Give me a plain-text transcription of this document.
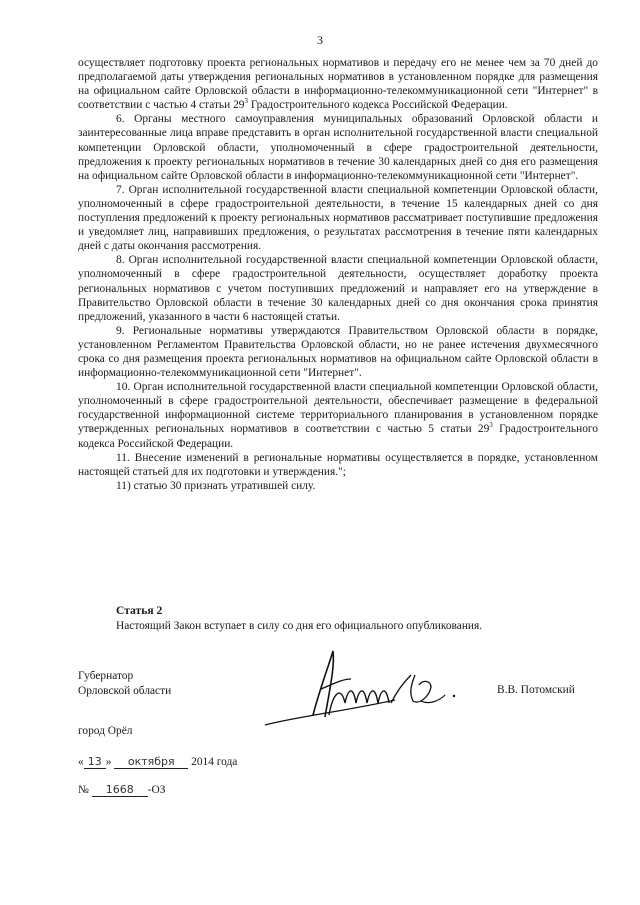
3

осуществляет подготовку проекта региональных нормативов и передачу его не менее чем за 70 дней до предполагаемой даты утверждения региональных нормативов в установленном порядке для размещения на официальном сайте Орловской области в информационно-телекоммуникационной сети "Интернет" в соответствии с частью 4 статьи $29^3$ Градостроительного кодекса Российской Федерации.

6. Органы местного самоуправления муниципальных образований Орловской области и заинтересованные лица вправе представить в орган исполнительной государственной власти специальной компетенции Орловской области, уполномоченный в сфере градостроительной деятельности, предложения к проекту региональных нормативов в течение 30 календарных дней со дня его размещения на официальном сайте Орловской области в информационно-телекоммуникационной сети "Интернет".

7. Орган исполнительной государственной власти специальной компетенции Орловской области, уполномоченный в сфере градостроительной деятельности, в течение 15 календарных дней со дня поступления предложений к проекту региональных нормативов рассматривает поступившие предложения и уведомляет лиц, направивших предложения, о результатах рассмотрения в течение пяти календарных дней с даты окончания рассмотрения.

8. Орган исполнительной государственной власти специальной компетенции Орловской области, уполномоченный в сфере градостроительной деятельности, осуществляет доработку проекта региональных нормативов с учетом поступивших предложений и направляет его на утверждение в Правительство Орловской области в течение 30 календарных дней со дня окончания срока принятия предложений, указанного в части 6 настоящей статьи.

9. Региональные нормативы утверждаются Правительством Орловской области в порядке, установленном Регламентом Правительства Орловской области, но не ранее истечения двухмесячного срока со дня размещения проекта региональных нормативов на официальном сайте Орловской области в информационно-телекоммуникационной сети "Интернет".

10. Орган исполнительной государственной власти специальной компетенции Орловской области, уполномоченный в сфере градостроительной деятельности, обеспечивает размещение в федеральной государственной информационной системе территориального планирования в установленном порядке утвержденных региональных нормативов в соответствии с частью 5 статьи $29^3$ Градостроительного кодекса Российской Федерации.

11. Внесение изменений в региональные нормативы осуществляется в порядке, установленном настоящей статьей для их подготовки и утверждения.";

11) статью 30 признать утратившей силу.

Статья 2
Настоящий Закон вступает в силу со дня его официального опубликования.
Губернатор
Орловской области	В.В. Потомский
город Орёл
« 13 » октября 2014 года
№ 1668 -ОЗ
